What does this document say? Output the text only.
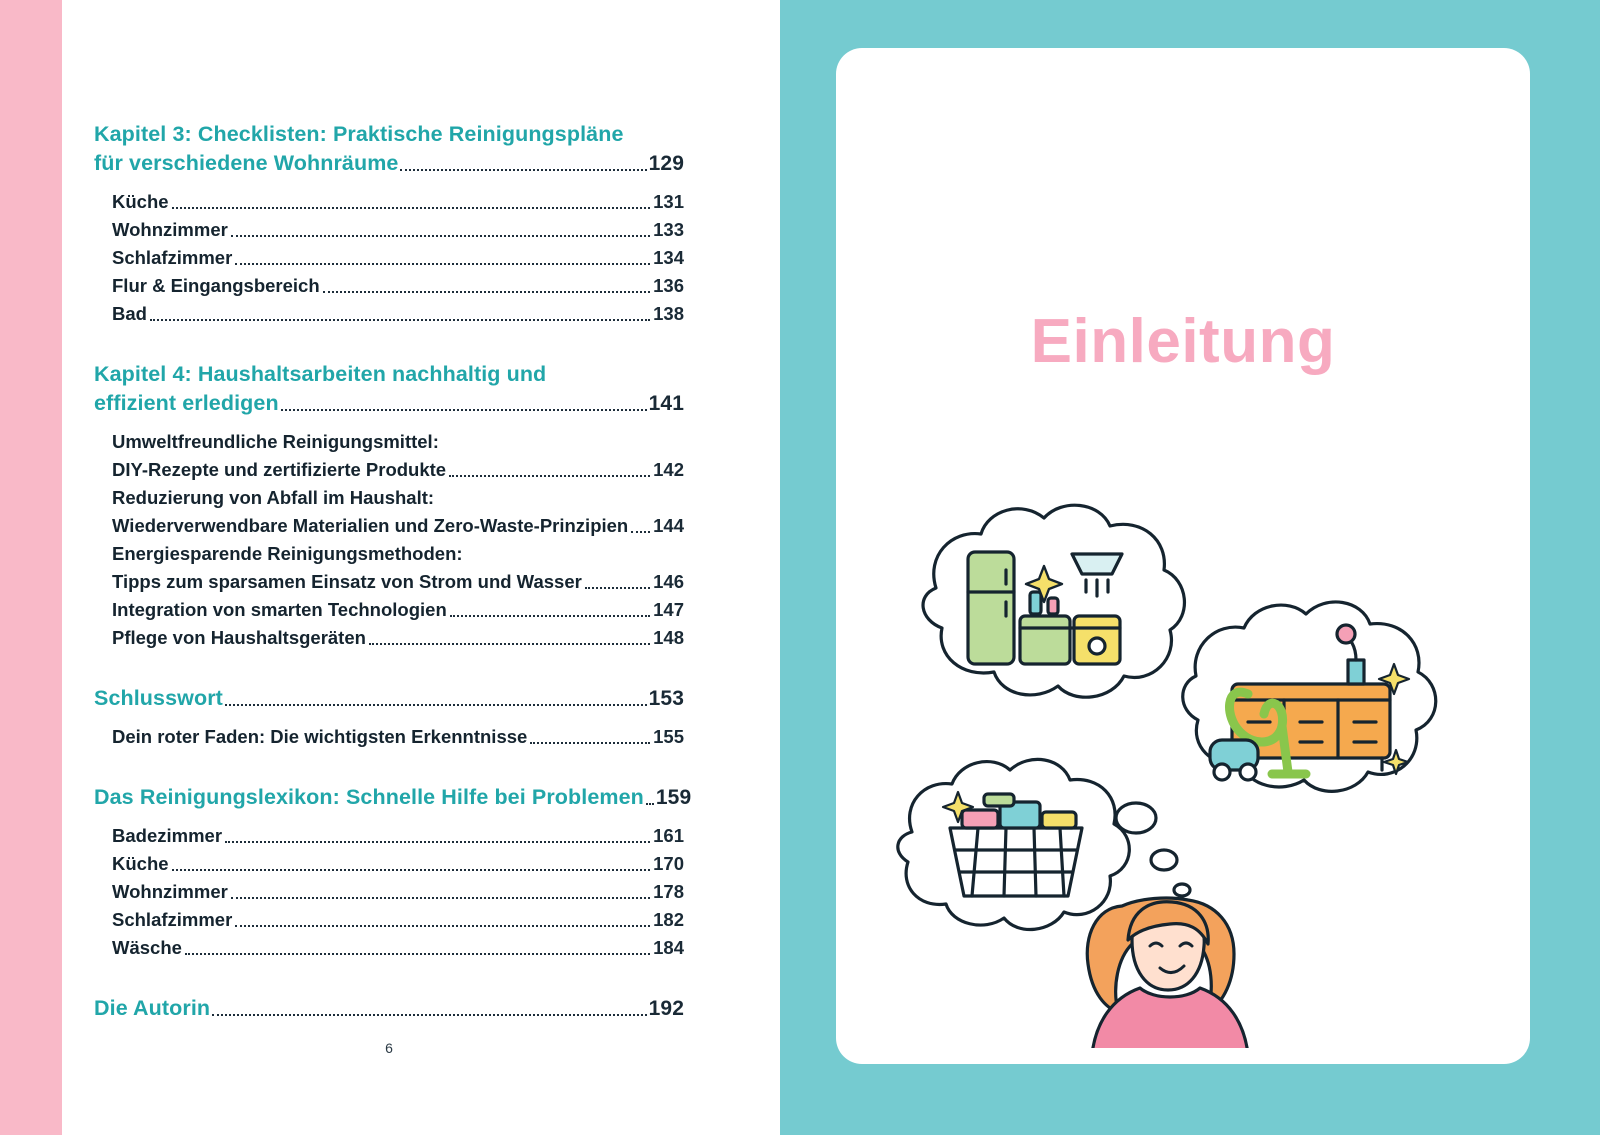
Kapitel 3: Checklisten: Praktische Reinigungspläne
für verschiedene Wohnräume	129
Küche	131
Wohnzimmer	133
Schlafzimmer	134
Flur & Eingangsbereich	136
Bad	138
Kapitel 4: Haushaltsarbeiten nachhaltig und
effizient erledigen	141
Umweltfreundliche Reinigungsmittel:
DIY-Rezepte und zertifizierte Produkte	142
Reduzierung von Abfall im Haushalt:
Wiederverwendbare Materialien und Zero-Waste-Prinzipien 144
Energiesparende Reinigungsmethoden:
Tipps zum sparsamen Einsatz von Strom und Wasser	146
Integration von smarten Technologien	147
Pflege von Haushaltsgeräten	148
Schlusswort	153
Dein roter Faden: Die wichtigsten Erkenntnisse	155
Das Reinigungslexikon: Schnelle Hilfe bei Problemen 159
Badezimmer	161
Küche	170
Wohnzimmer	178
Schlafzimmer	182
Wäsche	184
Die Autorin	192
6
Einleitung
